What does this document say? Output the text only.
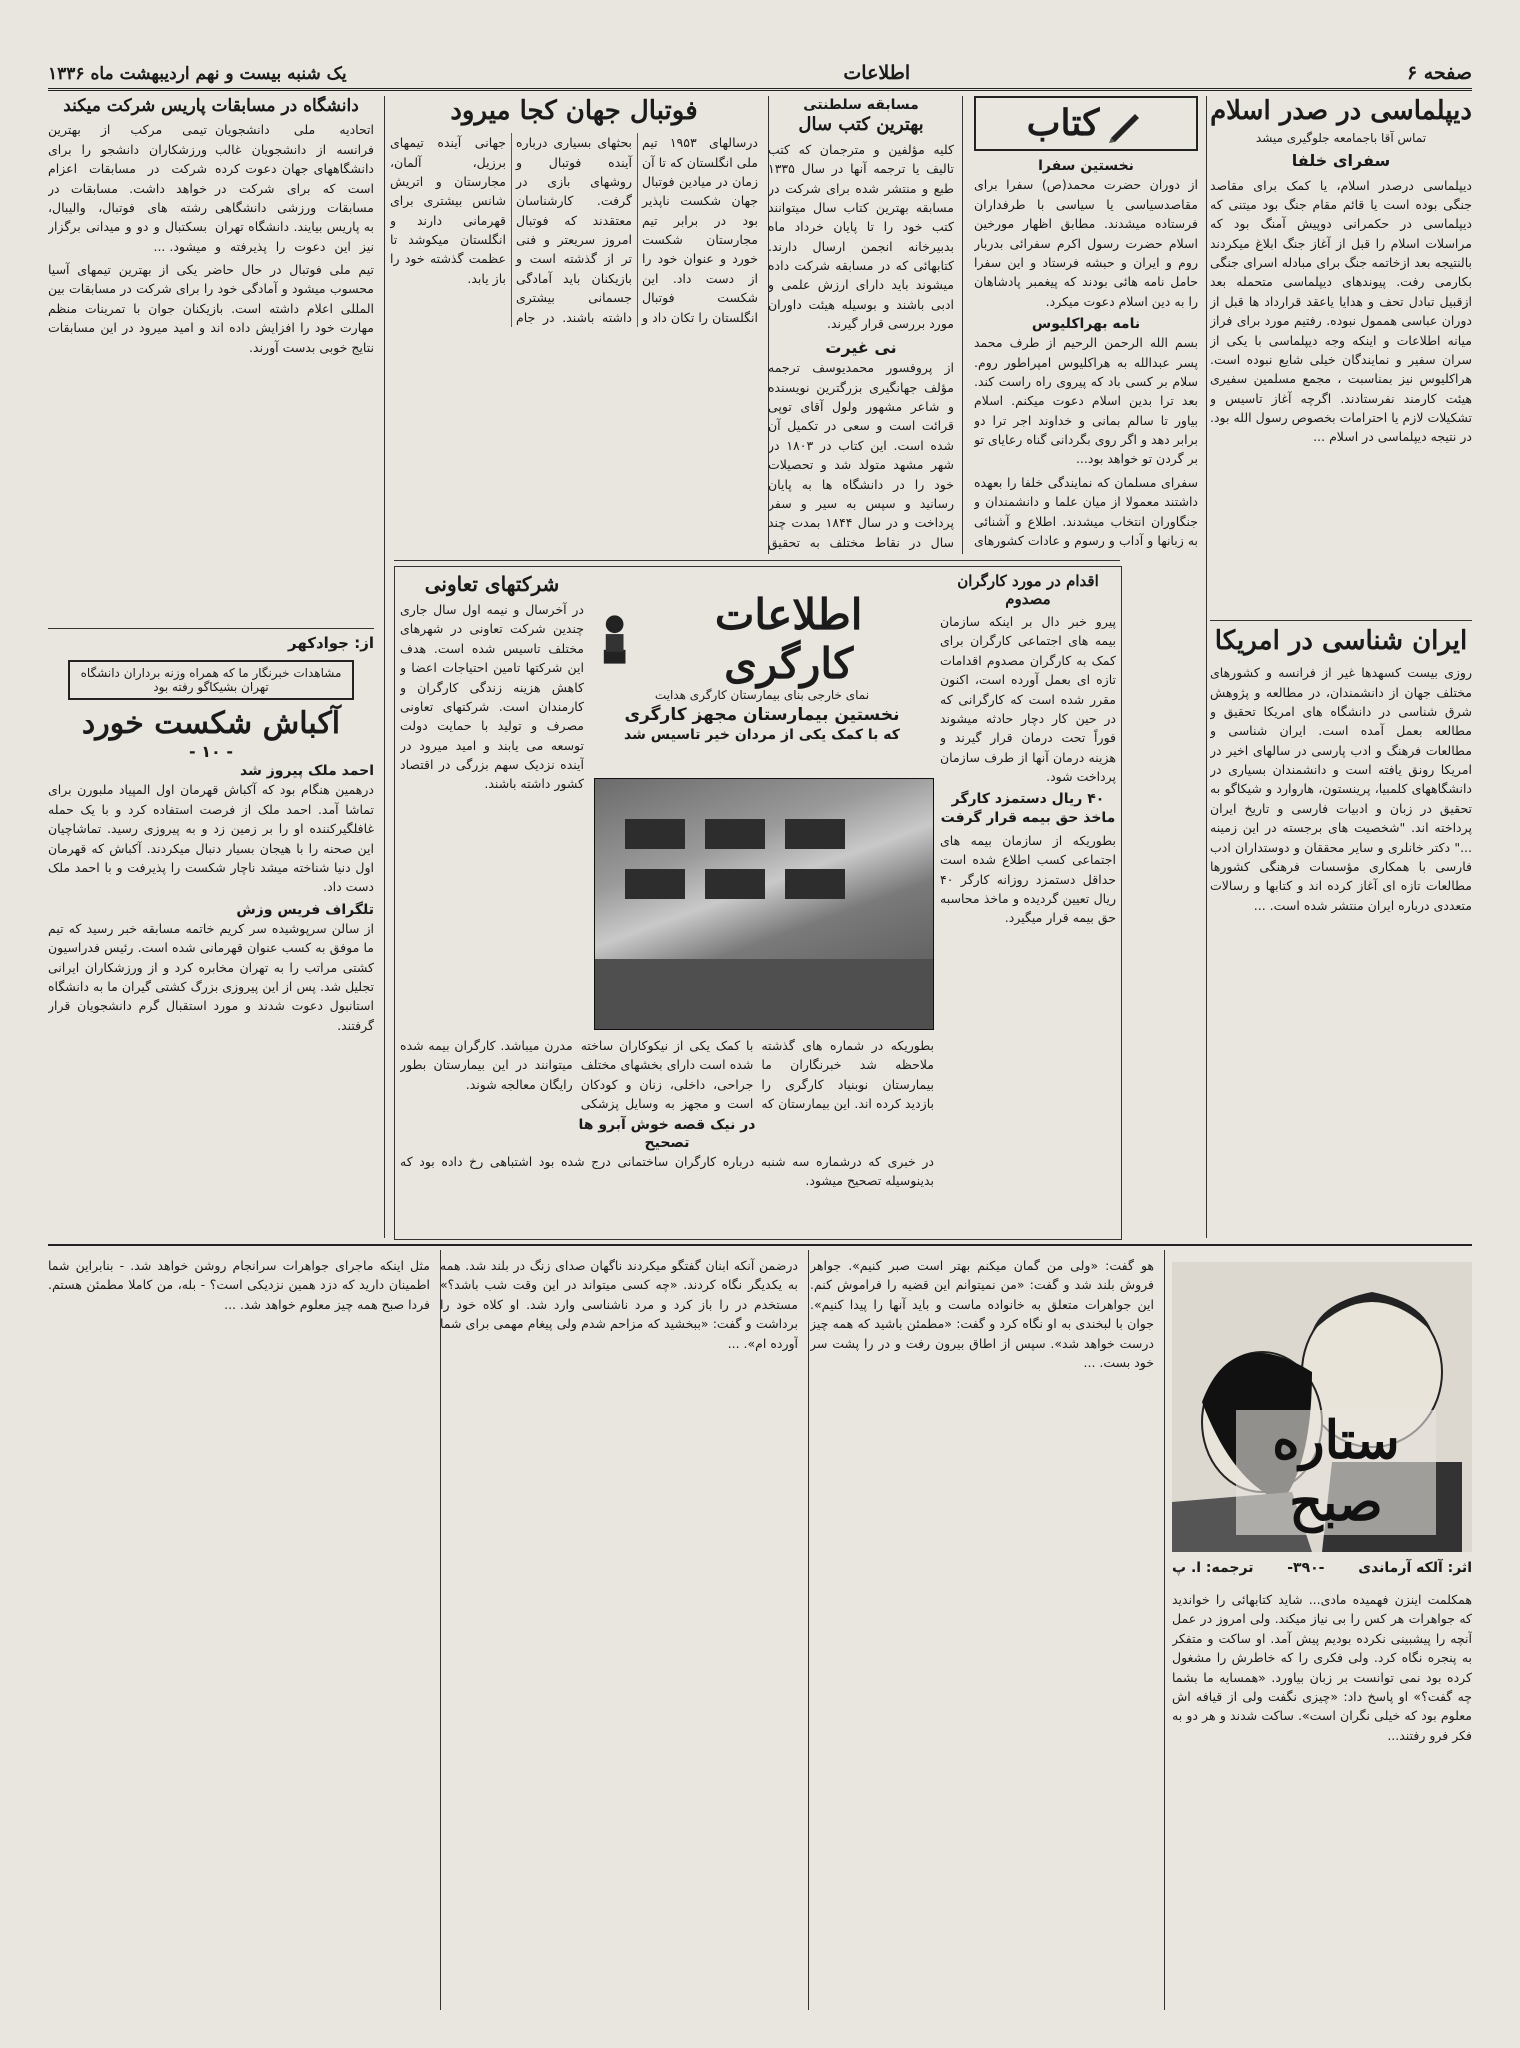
صفحه ۶
اطلاعات
یک شنبه بیست و نهم اردیبهشت ماه ۱۳۳۶
دیپلماسی در صدر اسلام
تماس آقا باجمامعه جلوگیری میشد
سفرای خلفا
دیپلماسی درصدر اسلام، یا کمک برای مقاصد جنگی بوده است یا قائم مقام جنگ بود میتنی که دیپلماسی در حکمرانی دوپیش آمنگ بود که مراسلات اسلام را قبل از آغاز جنگ ابلاغ میکردند بالنتیجه بعد ازخاتمه جنگ برای مبادله اسرای جنگی بکارمی رفت. پیوندهای دیپلماسی متحمله بعد ازقبیل تبادل تحف و هدایا یاعقد قرارداد ها قبل از دوران عباسی هممول نبوده. رفتیم مورد برای فراز میانه اطلاعات و اینکه وجه دیپلماسی با یکی از سران سفیر و نمایندگان خیلی شایع نبوده است. هراکلیوس نیز بمناسبت ، مجمع مسلمین سفیری هیئت کارمند نفرستادند. اگرچه آغاز تاسیس و تشکیلات لازم یا احترامات بخصوص رسول الله بود. در نتیجه دیپلماسی در اسلام ...
ایران شناسی در امریکا
روزی بیست کسهدها غیر از فرانسه و کشورهای مختلف جهان از دانشمندان، در مطالعه و پژوهش شرق شناسی در دانشگاه های امریکا تحقیق و مطالعه بعمل آمده است. ایران شناسی و مطالعات فرهنگ و ادب پارسی در سالهای اخیر در امریکا رونق یافته است و دانشمندان بسیاری در دانشگاههای کلمبیا، پرینستون، هاروارد و شیکاگو به تحقیق در زبان و ادبیات فارسی و تاریخ ایران پرداخته اند. "شخصیت های برجسته در این زمینه ..." دکتر خانلری و سایر محققان و دوستداران ادب فارسی با همکاری مؤسسات فرهنگی کشورها مطالعات تازه ای آغاز کرده اند و کتابها و رسالات متعددی درباره ایران منتشر شده است. ...
کتاب
نخستین سفرا
از دوران حضرت محمد(ص) سفرا برای مقاصدسیاسی یا سیاسی با طرفداران فرستاده میشدند. مطابق اظهار مورخین اسلام حضرت رسول اکرم سفرائی بدربار روم و ایران و حبشه فرستاد و این سفرا حامل نامه هائی بودند که پیغمبر پادشاهان را به دین اسلام دعوت میکرد.
نامه بهراکلیوس
بسم الله الرحمن الرحیم از طرف محمد پسر عبدالله به هراکلیوس امپراطور روم. سلام بر کسی باد که پیروی راه راست کند. بعد ترا بدین اسلام دعوت میکنم. اسلام بیاور تا سالم بمانی و خداوند اجر ترا دو برابر دهد و اگر روی بگردانی گناه رعایای تو بر گردن تو خواهد بود...
سفرای مسلمان که نمایندگی خلفا را بعهده داشتند معمولا از میان علما و دانشمندان و جنگاوران انتخاب میشدند. اطلاع و آشنائی به زبانها و آداب و رسوم و عادات کشورهای
مسابقه سلطنتی
بهترین کتب سال
کلیه مؤلفین و مترجمان که کتب تالیف یا ترجمه آنها در سال ۱۳۳۵ طبع و منتشر شده برای شرکت در مسابقه بهترین کتاب سال میتوانند کتب خود را تا پایان خرداد ماه بدبیرخانه انجمن ارسال دارند. کتابهائی که در مسابقه شرکت داده میشوند باید دارای ارزش علمی و ادبی باشند و بوسیله هیئت داوران مورد بررسی قرار گیرند.
نی غیرت
از پروفسور محمدیوسف ترجمه مؤلف جهانگیری بزرگترین نویسنده و شاعر مشهور ولول آقای توپی قرائت است و سعی در تکمیل آن شده است. این کتاب در ۱۸۰۳ در شهر مشهد متولد شد و تحصیلات خود را در دانشگاه ها به پایان رسانید و سپس به سیر و سفر پرداخت و در سال ۱۸۴۴ بمدت چند سال در نقاط مختلف به تحقیق
فوتبال جهان کجا میرود
درسالهای ۱۹۵۳ تیم ملی انگلستان که تا آن زمان در میادین فوتبال جهان شکست ناپذیر بود در برابر تیم مجارستان شکست خورد و عنوان خود را از دست داد. این شکست فوتبال انگلستان را تکان داد و بحثهای بسیاری درباره آینده فوتبال و روشهای بازی در گرفت. کارشناسان معتقدند که فوتبال امروز سریعتر و فنی تر از گذشته است و بازیکنان باید آمادگی جسمانی بیشتری داشته باشند. در جام جهانی آینده تیمهای برزیل، آلمان، مجارستان و اتریش شانس بیشتری برای قهرمانی دارند و انگلستان میکوشد تا عظمت گذشته خود را باز یابد.
دانشگاه در مسابقات پاریس شرکت میکند
اتحادیه ملی دانشجویان فرانسه از دانشجویان غالب دانشگاههای جهان دعوت کرده است که برای شرکت در مسابقات ورزشی دانشگاهی به پاریس بیایند. دانشگاه تهران نیز این دعوت را پذیرفته و تیمی مرکب از بهترین ورزشکاران دانشجو را برای شرکت در مسابقات اعزام خواهد داشت. مسابقات در رشته های فوتبال، والیبال، بسکتبال و دو و میدانی برگزار میشود. ...
تیم ملی فوتبال در حال حاضر یکی از بهترین تیمهای آسیا محسوب میشود و آمادگی خود را برای شرکت در مسابقات بین المللی اعلام داشته است. بازیکنان جوان با تمرینات منظم مهارت خود را افزایش داده اند و امید میرود در این مسابقات نتایج خوبی بدست آورند.
از: جوادکهر
مشاهدات خبرنگار ما که همراه وزنه برداران دانشگاه تهران بشیکاگو رفته بود
آکباش شکست خورد
- ۱۰ -
احمد ملک پیروز شد
درهمین هنگام بود که آکباش قهرمان اول المپیاد ملبورن برای تماشا آمد. احمد ملک از فرصت استفاده کرد و با یک حمله غافلگیرکننده او را بر زمین زد و به پیروزی رسید. تماشاچیان این صحنه را با هیجان بسیار دنبال میکردند. آکباش که قهرمان اول دنیا شناخته میشد ناچار شکست را پذیرفت و با احمد ملک دست داد.
تلگراف فریس وزش
از سالن سرپوشیده سر کریم خاتمه مسابقه خبر رسید که تیم ما موفق به کسب عنوان قهرمانی شده است. رئیس فدراسیون کشتی مراتب را به تهران مخابره کرد و از ورزشکاران ایرانی تجلیل شد. پس از این پیروزی بزرگ کشتی گیران ما به دانشگاه استانبول دعوت شدند و مورد استقبال گرم دانشجویان قرار گرفتند.
اقدام در مورد کارگران مصدوم
پیرو خبر دال بر اینکه سازمان بیمه های اجتماعی کارگران برای کمک به کارگران مصدوم اقدامات تازه ای بعمل آورده است، اکنون مقرر شده است که کارگرانی که در حین کار دچار حادثه میشوند فوراً تحت درمان قرار گیرند و هزینه درمان آنها از طرف سازمان پرداخت شود.
۴۰ ریال دستمزد کارگر ماخذ حق بیمه قرار گرفت
بطوریکه از سازمان بیمه های اجتماعی کسب اطلاع شده است حداقل دستمزد روزانه کارگر ۴۰ ریال تعیین گردیده و ماخذ محاسبه حق بیمه قرار میگیرد.
شرکتهای تعاونی
در آخرسال و نیمه اول سال جاری چندین شرکت تعاونی در شهرهای مختلف تاسیس شده است. هدف این شرکتها تامین احتیاجات اعضا و کاهش هزینه زندگی کارگران و کارمندان است. شرکتهای تعاونی مصرف و تولید با حمایت دولت توسعه می یابند و امید میرود در آینده نزدیک سهم بزرگی در اقتصاد کشور داشته باشند.
اطلاعات کارگری
نمای خارجی بنای بیمارستان کارگری هدایت
نخستین بیمارستان مجهز کارگری
که با کمک یکی از مردان خیر تاسیس شد
بطوریکه در شماره های گذشته ملاحظه شد خبرنگاران ما بیمارستان نوبنیاد کارگری را بازدید کرده اند. این بیمارستان که با کمک یکی از نیکوکاران ساخته شده است دارای بخشهای مختلف جراحی، داخلی، زنان و کودکان است و مجهز به وسایل پزشکی مدرن میباشد. کارگران بیمه شده میتوانند در این بیمارستان بطور رایگان معالجه شوند.
در نیک قصه خوش آبرو ها
تصحیح
در خبری که درشماره سه شنبه درباره کارگران ساختمانی درج شده بود اشتباهی رخ داده بود که بدینوسیله تصحیح میشود.
ستاره صبح
اثر: آلکه آرماندی
-۳۹۰-
ترجمه: ا. پ
همکلمت اینزن فهمیده مادی... شاید کتابهائی را خواندید که جواهرات هر کس را بی نیاز میکند. ولی امروز در عمل آنچه را پیشبینی نکرده بودیم پیش آمد. او ساکت و متفکر به پنجره نگاه کرد. ولی فکری را که خاطرش را مشغول کرده بود نمی توانست بر زبان بیاورد. «همسایه ما بشما چه گفت؟» او پاسخ داد: «چیزی نگفت ولی از قیافه اش معلوم بود که خیلی نگران است». ساکت شدند و هر دو به فکر فرو رفتند...
هو گفت: «ولی من گمان میکنم بهتر است صبر کنیم». جواهر فروش بلند شد و گفت: «من نمیتوانم این قضیه را فراموش کنم. این جواهرات متعلق به خانواده ماست و باید آنها را پیدا کنیم». جوان با لبخندی به او نگاه کرد و گفت: «مطمئن باشید که همه چیز درست خواهد شد». سپس از اطاق بیرون رفت و در را پشت سر خود بست. ...
درضمن آنکه ابنان گفتگو میکردند ناگهان صدای زنگ در بلند شد. همه به یکدیگر نگاه کردند. «چه کسی میتواند در این وقت شب باشد؟» مستخدم در را باز کرد و مرد ناشناسی وارد شد. او کلاه خود را برداشت و گفت: «ببخشید که مزاحم شدم ولی پیغام مهمی برای شما آورده ام». ...
مثل اینکه ماجرای جواهرات سرانجام روشن خواهد شد. - بنابراین شما اطمینان دارید که دزد همین نزدیکی است؟ - بله، من کاملا مطمئن هستم. فردا صبح همه چیز معلوم خواهد شد. ...
